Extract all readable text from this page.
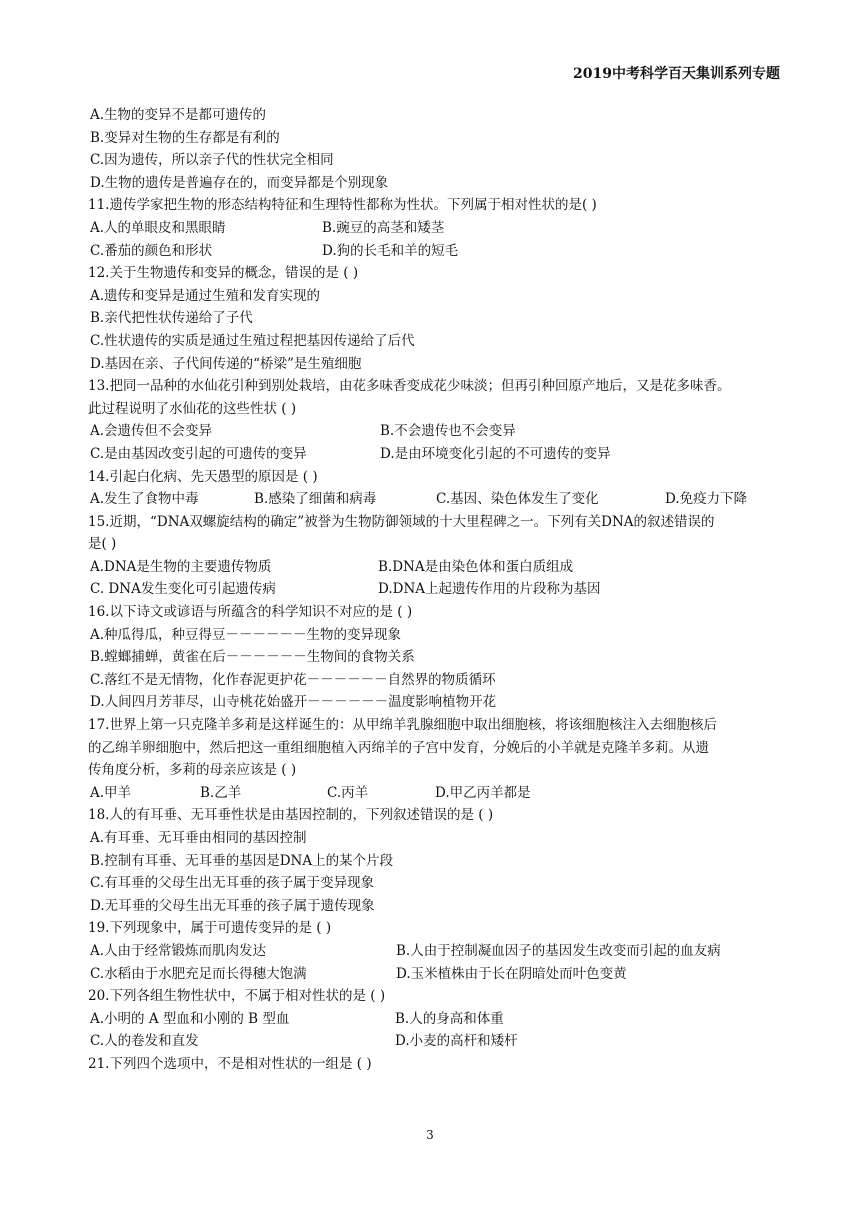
2019中考科学百天集训系列专题
A.生物的变异不是都可遗传的
B.变异对生物的生存都是有利的
C.因为遗传，所以亲子代的性状完全相同
D.生物的遗传是普遍存在的，而变异都是个别现象
11.遗传学家把生物的形态结构特征和生理特性都称为性状。下列属于相对性状的是( )
A.人的单眼皮和黑眼睛	B.豌豆的高茎和矮茎
C.番茄的颜色和形状	D.狗的长毛和羊的短毛
12.关于生物遗传和变异的概念，错误的是 ( )
A.遗传和变异是通过生殖和发育实现的
B.亲代把性状传递给了子代
C.性状遗传的实质是通过生殖过程把基因传递给了后代
D.基因在亲、子代间传递的“桥梁”是生殖细胞
13.把同一品种的水仙花引种到别处栽培，由花多味香变成花少味淡；但再引种回原产地后，又是花多味香。
此过程说明了水仙花的这些性状 ( )
A.会遗传但不会变异	B.不会遗传也不会变异
C.是由基因改变引起的可遗传的变异	D.是由环境变化引起的不可遗传的变异
14.引起白化病、先天愚型的原因是 ( )
A.发生了食物中毒	B.感染了细菌和病毒	C.基因、染色体发生了变化	D.免疫力下降
15.近期，“DNA双螺旋结构的确定”被誉为生物防御领域的十大里程碑之一。下列有关DNA的叙述错误的
是( )
A.DNA是生物的主要遗传物质	B.DNA是由染色体和蛋白质组成
C. DNA发生变化可引起遗传病	D.DNA上起遗传作用的片段称为基因
16.以下诗文或谚语与所蕴含的科学知识不对应的是 ( )
A.种瓜得瓜，种豆得豆－－－－－－生物的变异现象
B.螳螂捕蝉，黄雀在后－－－－－－生物间的食物关系
C.落红不是无情物，化作春泥更护花－－－－－－自然界的物质循环
D.人间四月芳菲尽，山寺桃花始盛开－－－－－－温度影响植物开花
17.世界上第一只克隆羊多莉是这样诞生的：从甲绵羊乳腺细胞中取出细胞核，将该细胞核注入去细胞核后
的乙绵羊卵细胞中，然后把这一重组细胞植入丙绵羊的子宫中发育，分娩后的小羊就是克隆羊多莉。从遗
传角度分析，多莉的母亲应该是 ( )
A.甲羊	B.乙羊	C.丙羊	D.甲乙丙羊都是
18.人的有耳垂、无耳垂性状是由基因控制的，下列叙述错误的是 ( )
A.有耳垂、无耳垂由相同的基因控制
B.控制有耳垂、无耳垂的基因是DNA上的某个片段
C.有耳垂的父母生出无耳垂的孩子属于变异现象
D.无耳垂的父母生出无耳垂的孩子属于遗传现象
19.下列现象中，属于可遗传变异的是 ( )
A.人由于经常锻炼而肌肉发达	B.人由于控制凝血因子的基因发生改变而引起的血友病
C.水稻由于水肥充足而长得穗大饱满	D.玉米植株由于长在阴暗处而叶色变黄
20.下列各组生物性状中，不属于相对性状的是 ( )
A.小明的 A 型血和小刚的 B 型血	B.人的身高和体重
C.人的卷发和直发	D.小麦的高杆和矮杆
21.下列四个选项中，不是相对性状的一组是 ( )
3
